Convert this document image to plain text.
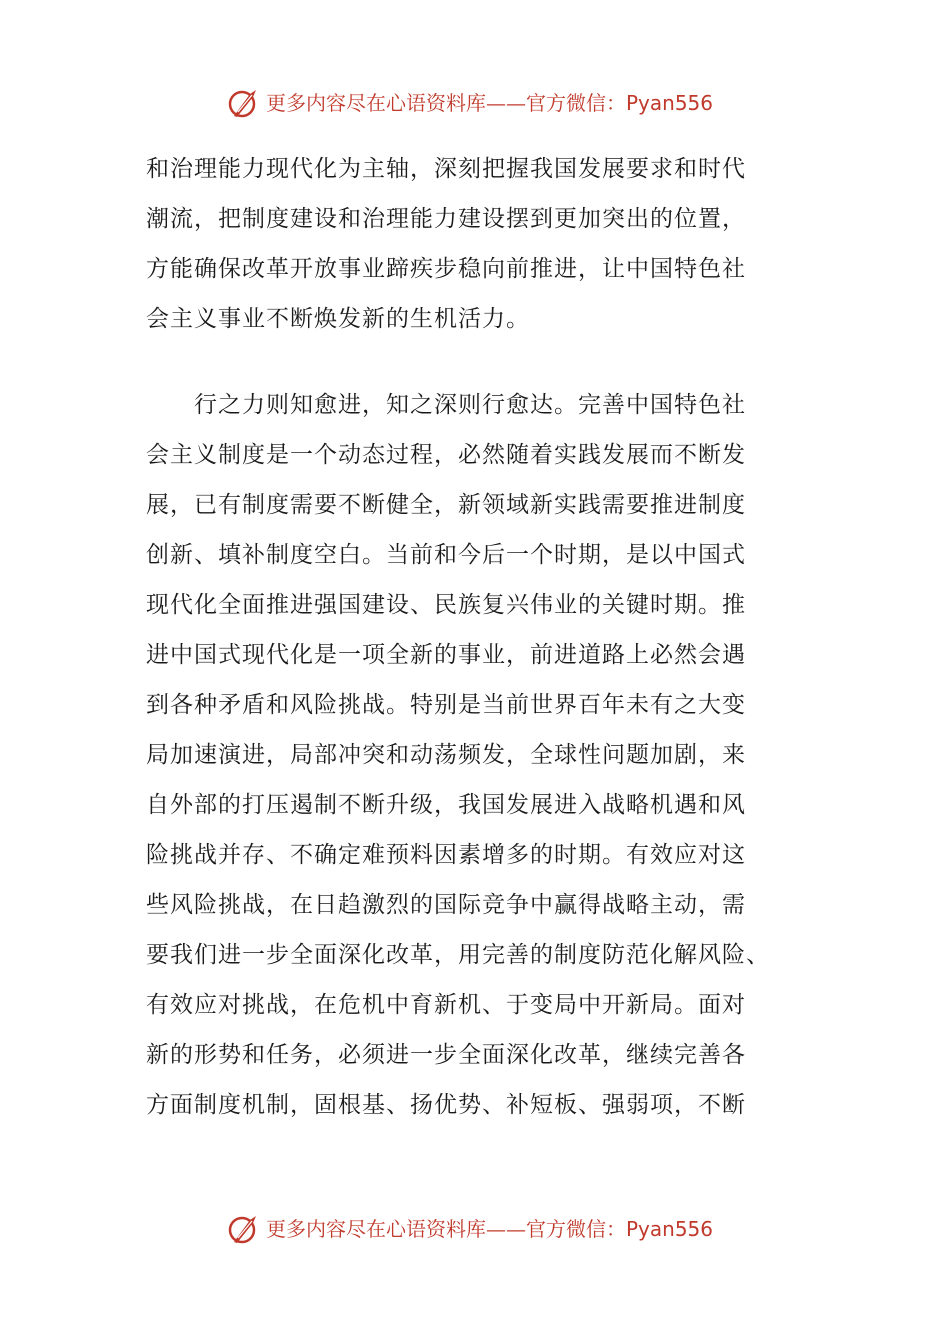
更多内容尽在心语资料库——官方微信：Pyan556
和治理能力现代化为主轴，深刻把握我国发展要求和时代
潮流，把制度建设和治理能力建设摆到更加突出的位置，
方能确保改革开放事业蹄疾步稳向前推进，让中国特色社
会主义事业不断焕发新的生机活力。
　　行之力则知愈进，知之深则行愈达。完善中国特色社
会主义制度是一个动态过程，必然随着实践发展而不断发
展，已有制度需要不断健全，新领域新实践需要推进制度
创新、填补制度空白。当前和今后一个时期，是以中国式
现代化全面推进强国建设、民族复兴伟业的关键时期。推
进中国式现代化是一项全新的事业，前进道路上必然会遇
到各种矛盾和风险挑战。特别是当前世界百年未有之大变
局加速演进，局部冲突和动荡频发，全球性问题加剧，来
自外部的打压遏制不断升级，我国发展进入战略机遇和风
险挑战并存、不确定难预料因素增多的时期。有效应对这
些风险挑战，在日趋激烈的国际竞争中赢得战略主动，需
要我们进一步全面深化改革，用完善的制度防范化解风险、
有效应对挑战，在危机中育新机、于变局中开新局。面对
新的形势和任务，必须进一步全面深化改革，继续完善各
方面制度机制，固根基、扬优势、补短板、强弱项，不断
更多内容尽在心语资料库——官方微信：Pyan556
